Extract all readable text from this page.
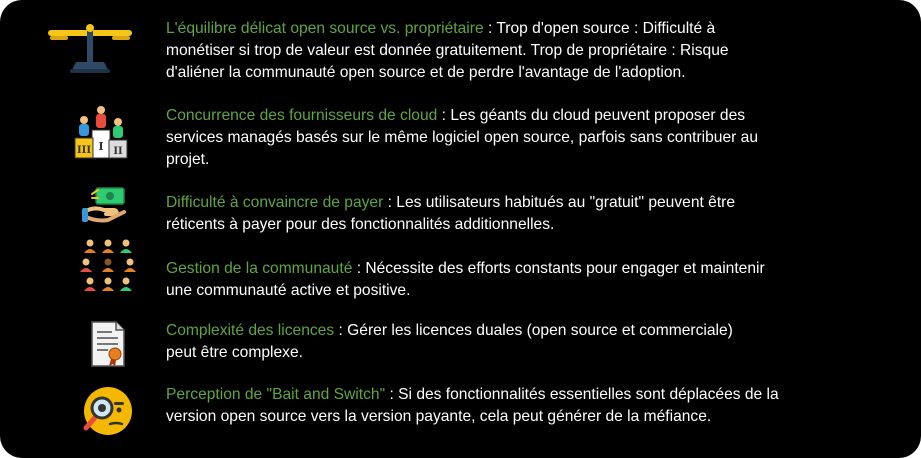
L'équilibre délicat open source vs. propriétaire : Trop d'open source : Difficulté à
monétiser si trop de valeur est donnée gratuitement. Trop de propriétaire : Risque
d'aliéner la communauté open source et de perdre l'avantage de l'adoption.
I
III II
Concurrence des fournisseurs de cloud : Les géants du cloud peuvent proposer des
services managés basés sur le même logiciel open source, parfois sans contribuer au
projet.
Difficulté à convaincre de payer : Les utilisateurs habitués au "gratuit" peuvent être
réticents à payer pour des fonctionnalités additionnelles.
Gestion de la communauté : Nécessite des efforts constants pour engager et maintenir
une communauté active et positive.
Complexité des licences : Gérer les licences duales (open source et commerciale)
peut être complexe.
Perception de "Bait and Switch" : Si des fonctionnalités essentielles sont déplacées de la
version open source vers la version payante, cela peut générer de la méfiance.
